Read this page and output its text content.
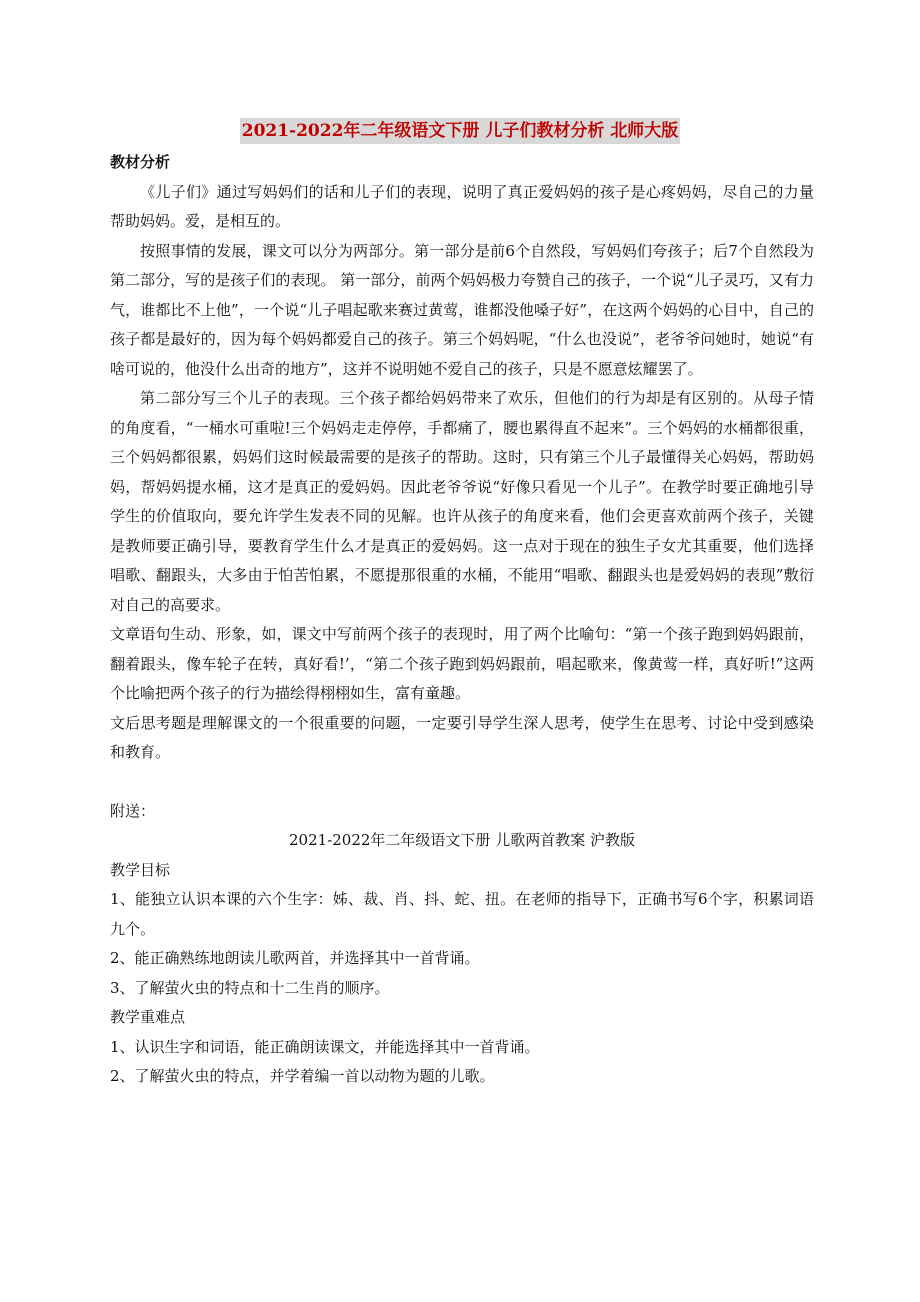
2021-2022年二年级语文下册 儿子们教材分析 北师大版

教材分析

《儿子们》通过写妈妈们的话和儿子们的表现，说明了真正爱妈妈的孩子是心疼妈妈，尽自己的力量帮助妈妈。爱，是相互的。

按照事情的发展，课文可以分为两部分。第一部分是前6个自然段，写妈妈们夸孩子；后7个自然段为第二部分，写的是孩子们的表现。 第一部分，前两个妈妈极力夸赞自己的孩子，一个说“儿子灵巧，又有力气，谁都比不上他”，一个说“儿子唱起歌来赛过黄莺，谁都没他嗓子好”，在这两个妈妈的心目中，自己的孩子都是最好的，因为每个妈妈都爱自己的孩子。第三个妈妈呢，“什么也没说”，老爷爷问她时，她说“有啥可说的，他没什么出奇的地方”，这并不说明她不爱自己的孩子，只是不愿意炫耀罢了。

第二部分写三个儿子的表现。三个孩子都给妈妈带来了欢乐，但他们的行为却是有区别的。从母子情的角度看，“一桶水可重啦!三个妈妈走走停停，手都痛了，腰也累得直不起来”。三个妈妈的水桶都很重，三个妈妈都很累，妈妈们这时候最需要的是孩子的帮助。这时，只有第三个儿子最懂得关心妈妈，帮助妈妈，帮妈妈提水桶，这才是真正的爱妈妈。因此老爷爷说“好像只看见一个儿子”。在教学时要正确地引导学生的价值取向，要允许学生发表不同的见解。也许从孩子的角度来看，他们会更喜欢前两个孩子，关键是教师要正确引导，要教育学生什么才是真正的爱妈妈。这一点对于现在的独生子女尤其重要，他们选择唱歌、翻跟头，大多由于怕苦怕累，不愿提那很重的水桶，不能用“唱歌、翻跟头也是爱妈妈的表现”敷衍对自己的高要求。

文章语句生动、形象，如，课文中写前两个孩子的表现时，用了两个比喻句：“第一个孩子跑到妈妈跟前，翻着跟头，像车轮子在转，真好看!’，“第二个孩子跑到妈妈跟前，唱起歌来，像黄莺一样，真好听!”这两个比喻把两个孩子的行为描绘得栩栩如生，富有童趣。

文后思考题是理解课文的一个很重要的问题，一定要引导学生深人思考，使学生在思考、讨论中受到感染和教育。

附送：

2021-2022年二年级语文下册 儿歌两首教案 沪教版

教学目标

1、能独立认识本课的六个生字：姊、裁、肖、抖、蛇、扭。在老师的指导下，正确书写6个字，积累词语九个。

2、能正确熟练地朗读儿歌两首，并选择其中一首背诵。

3、了解萤火虫的特点和十二生肖的顺序。

教学重难点

1、认识生字和词语，能正确朗读课文，并能选择其中一首背诵。

2、了解萤火虫的特点，并学着编一首以动物为题的儿歌。
